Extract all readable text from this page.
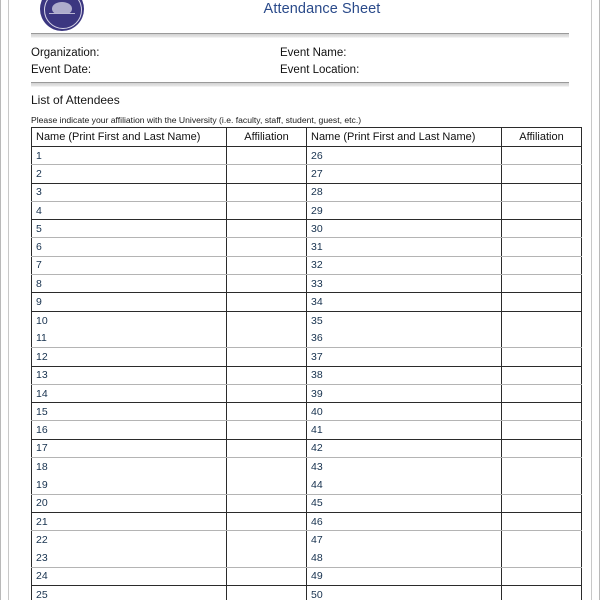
Attendance Sheet
Organization:
Event Date:
Event Name:
Event Location:
List of Attendees
Please indicate your affiliation with the University (i.e. faculty, staff, student, guest, etc.)
Name (Print First and Last Name)	Affiliation	Name (Print First and Last Name)	Affiliation
1		26	
2		27	
3		28	
4		29	
5		30	
6		31	
7		32	
8		33	
9		34	
10		35	
11		36	
12		37	
13		38	
14		39	
15		40	
16		41	
17		42	
18		43	
19		44	
20		45	
21		46	
22		47	
23		48	
24		49	
25		50	
